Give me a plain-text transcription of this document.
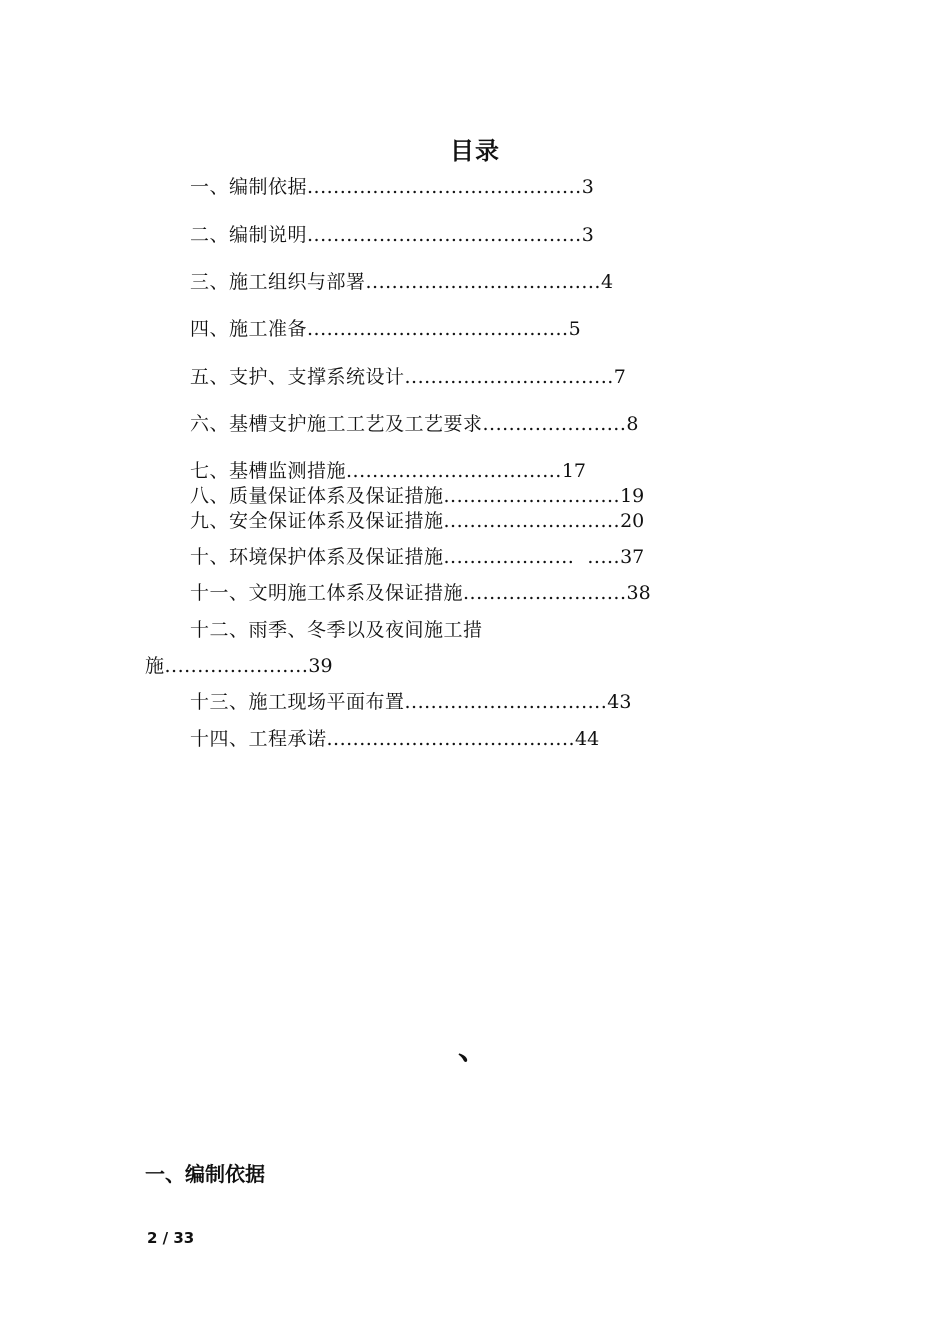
目录
一、编制依据..........................................3
二、编制说明..........................................3
三、施工组织与部署....................................4
四、施工准备........................................5
五、支护、支撑系统设计................................7
六、基槽支护施工工艺及工艺要求......................8
七、基槽监测措施.................................17
八、质量保证体系及保证措施...........................19
九、安全保证体系及保证措施...........................20
十、环境保护体系及保证措施....................  .....37
十一、文明施工体系及保证措施.........................38
十二、雨季、冬季以及夜间施工措
施......................39
十三、施工现场平面布置...............................43
十四、工程承诺......................................44
、
一、编制依据
2 / 33
